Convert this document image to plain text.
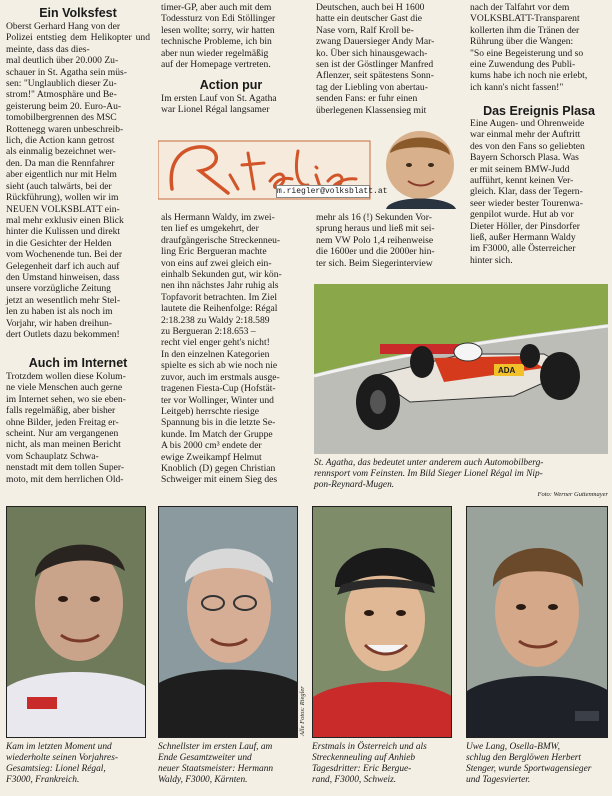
Ein Volksfest
Oberst Gerhard Hang von der
Polizei entstieg dem Helikopter und meinte, dass das dies-
mal deutlich über 20.000 Zu-
schauer in St. Agatha sein müs-
sen: "Unglaublich dieser Zu-
strom!" Atmosphäre und Be-
geisterung beim 20. Euro-Au-
tomobilbergrennen des MSC
Rottenegg waren unbeschreib-
lich, die Action kann getrost
als einmalig bezeichnet wer-
den. Da man die Rennfahrer
aber eigentlich nur mit Helm
sieht (auch talwärts, bei der
Rückführung), wollen wir im
NEUEN VOLKSBLATT ein-
mal mehr exklusiv einen Blick
hinter die Kulissen und direkt
in die Gesichter der Helden
vom Wochenende tun. Bei der
Gelegenheit darf ich auch auf
den Umstand hinweisen, dass
unsere vorzügliche Zeitung
jetzt an wesentlich mehr Stel-
len zu haben ist als noch im
Vorjahr, wir haben dreihun-
dert Outlets dazu bekommen!
Auch im Internet
Trotzdem wollen diese Kolum-
ne viele Menschen auch gerne
im Internet sehen, wo sie eben-
falls regelmäßig, aber bisher
ohne Bilder, jeden Freitag er-
scheint. Nur am vergangenen
nicht, als man meinen Bericht
vom Schauplatz Schwa-
nenstadt mit dem tollen Super-
moto, mit dem herrlichen Old-
timer-GP, aber auch mit dem
Todessturz von Edi Stöllinger
lesen wollte; sorry, wir hatten
technische Probleme, ich bin
aber nun wieder regelmäßig
auf der Homepage vertreten.
Action pur
Im ersten Lauf von St. Agatha
war Lionel Régal langsamer
Deutschen, auch bei H 1600
hatte ein deutscher Gast die
Nase vorn, Ralf Kroll be-
zwang Dauersieger Andy Mar-
ko. Über sich hinausgewach-
sen ist der Göstlinger Manfred
Aflenzer, seit spätestens Sonn-
tag der Liebling von abertau-
senden Fans: er fuhr einen
überlegenen Klassensieg mit
nach der Talfahrt vor dem
VOLKSBLATT-Transparent
kollerten ihm die Tränen der
Rührung über die Wangen:
"So eine Begeisterung und so
eine Zuwendung des Publi-
kums habe ich noch nie erlebt,
ich kann's nicht fassen!"
Das Ereignis Plasa
Eine Augen- und Ohrenweide
war einmal mehr der Auftritt
des von den Fans so geliebten
Bayern Schorsch Plasa. Was
er mit seinem BMW-Judd
aufführt, kennt keinen Ver-
gleich. Klar, dass der Tegern-
seer wieder bester Tourenwa-
genpilot wurde. Hut ab vor
Dieter Höller, der Pinsdorfer
ließ, außer Hermann Waldy
im F3000, alle Österreicher
hinter sich.
m.riegler@volksblatt.at
als Hermann Waldy, im zwei-
ten lief es umgekehrt, der
draufgängerische Streckenneu-
ling Eric Bergueran machte
von eins auf zwei gleich ein-
einhalb Sekunden gut, wir kön-
nen ihn nächstes Jahr ruhig als
Topfavorit betrachten. Im Ziel
lautete die Reihenfolge: Régal
2:18.238 zu Waldy 2:18.589
zu Bergueran 2:18.653 –
recht viel enger geht's nicht!
In den einzelnen Kategorien
spielte es sich ab wie noch nie
zuvor, auch im erstmals ausge-
tragenen Fiesta-Cup (Hofstät-
ter vor Wollinger, Winter und
Leitgeb) herrschte riesige
Spannung bis in die letzte Se-
kunde. Im Match der Gruppe
A bis 2000 cm³ endete der
ewige Zweikampf Helmut
Knoblich (D) gegen Christian
Schweiger mit einem Sieg des
mehr als 16 (!) Sekunden Vor-
sprung heraus und ließ mit sei-
nem VW Polo 1,4 reihenweise
die 1600er und die 2000er hin-
ter sich. Beim Siegerinterview
ADA
St. Agatha, das bedeutet unter anderem auch Automobilberg-
rennsport vom Feinsten. Im Bild Sieger Lionel Régal im Nip-
pon-Reynard-Mugen.
Foto: Werner Guttenmayer
Kam im letzten Moment und
wiederholte seinen Vorjahres-
Gesamtsieg: Lionel Régal,
F3000, Frankreich.
Alle Fotos: Riegler
Schnellster im ersten Lauf, am
Ende Gesamtzweiter und
neuer Staatsmeister: Hermann
Waldy, F3000, Kärnten.
Erstmals in Österreich und als
Streckenneuling auf Anhieb
Tagesdritter: Eric Bergue-
rand, F3000, Schweiz.
Uwe Lang, Osella-BMW,
schlug den Berglöwen Herbert
Stenger, wurde Sportwagensieger
und Tagesvierter.
